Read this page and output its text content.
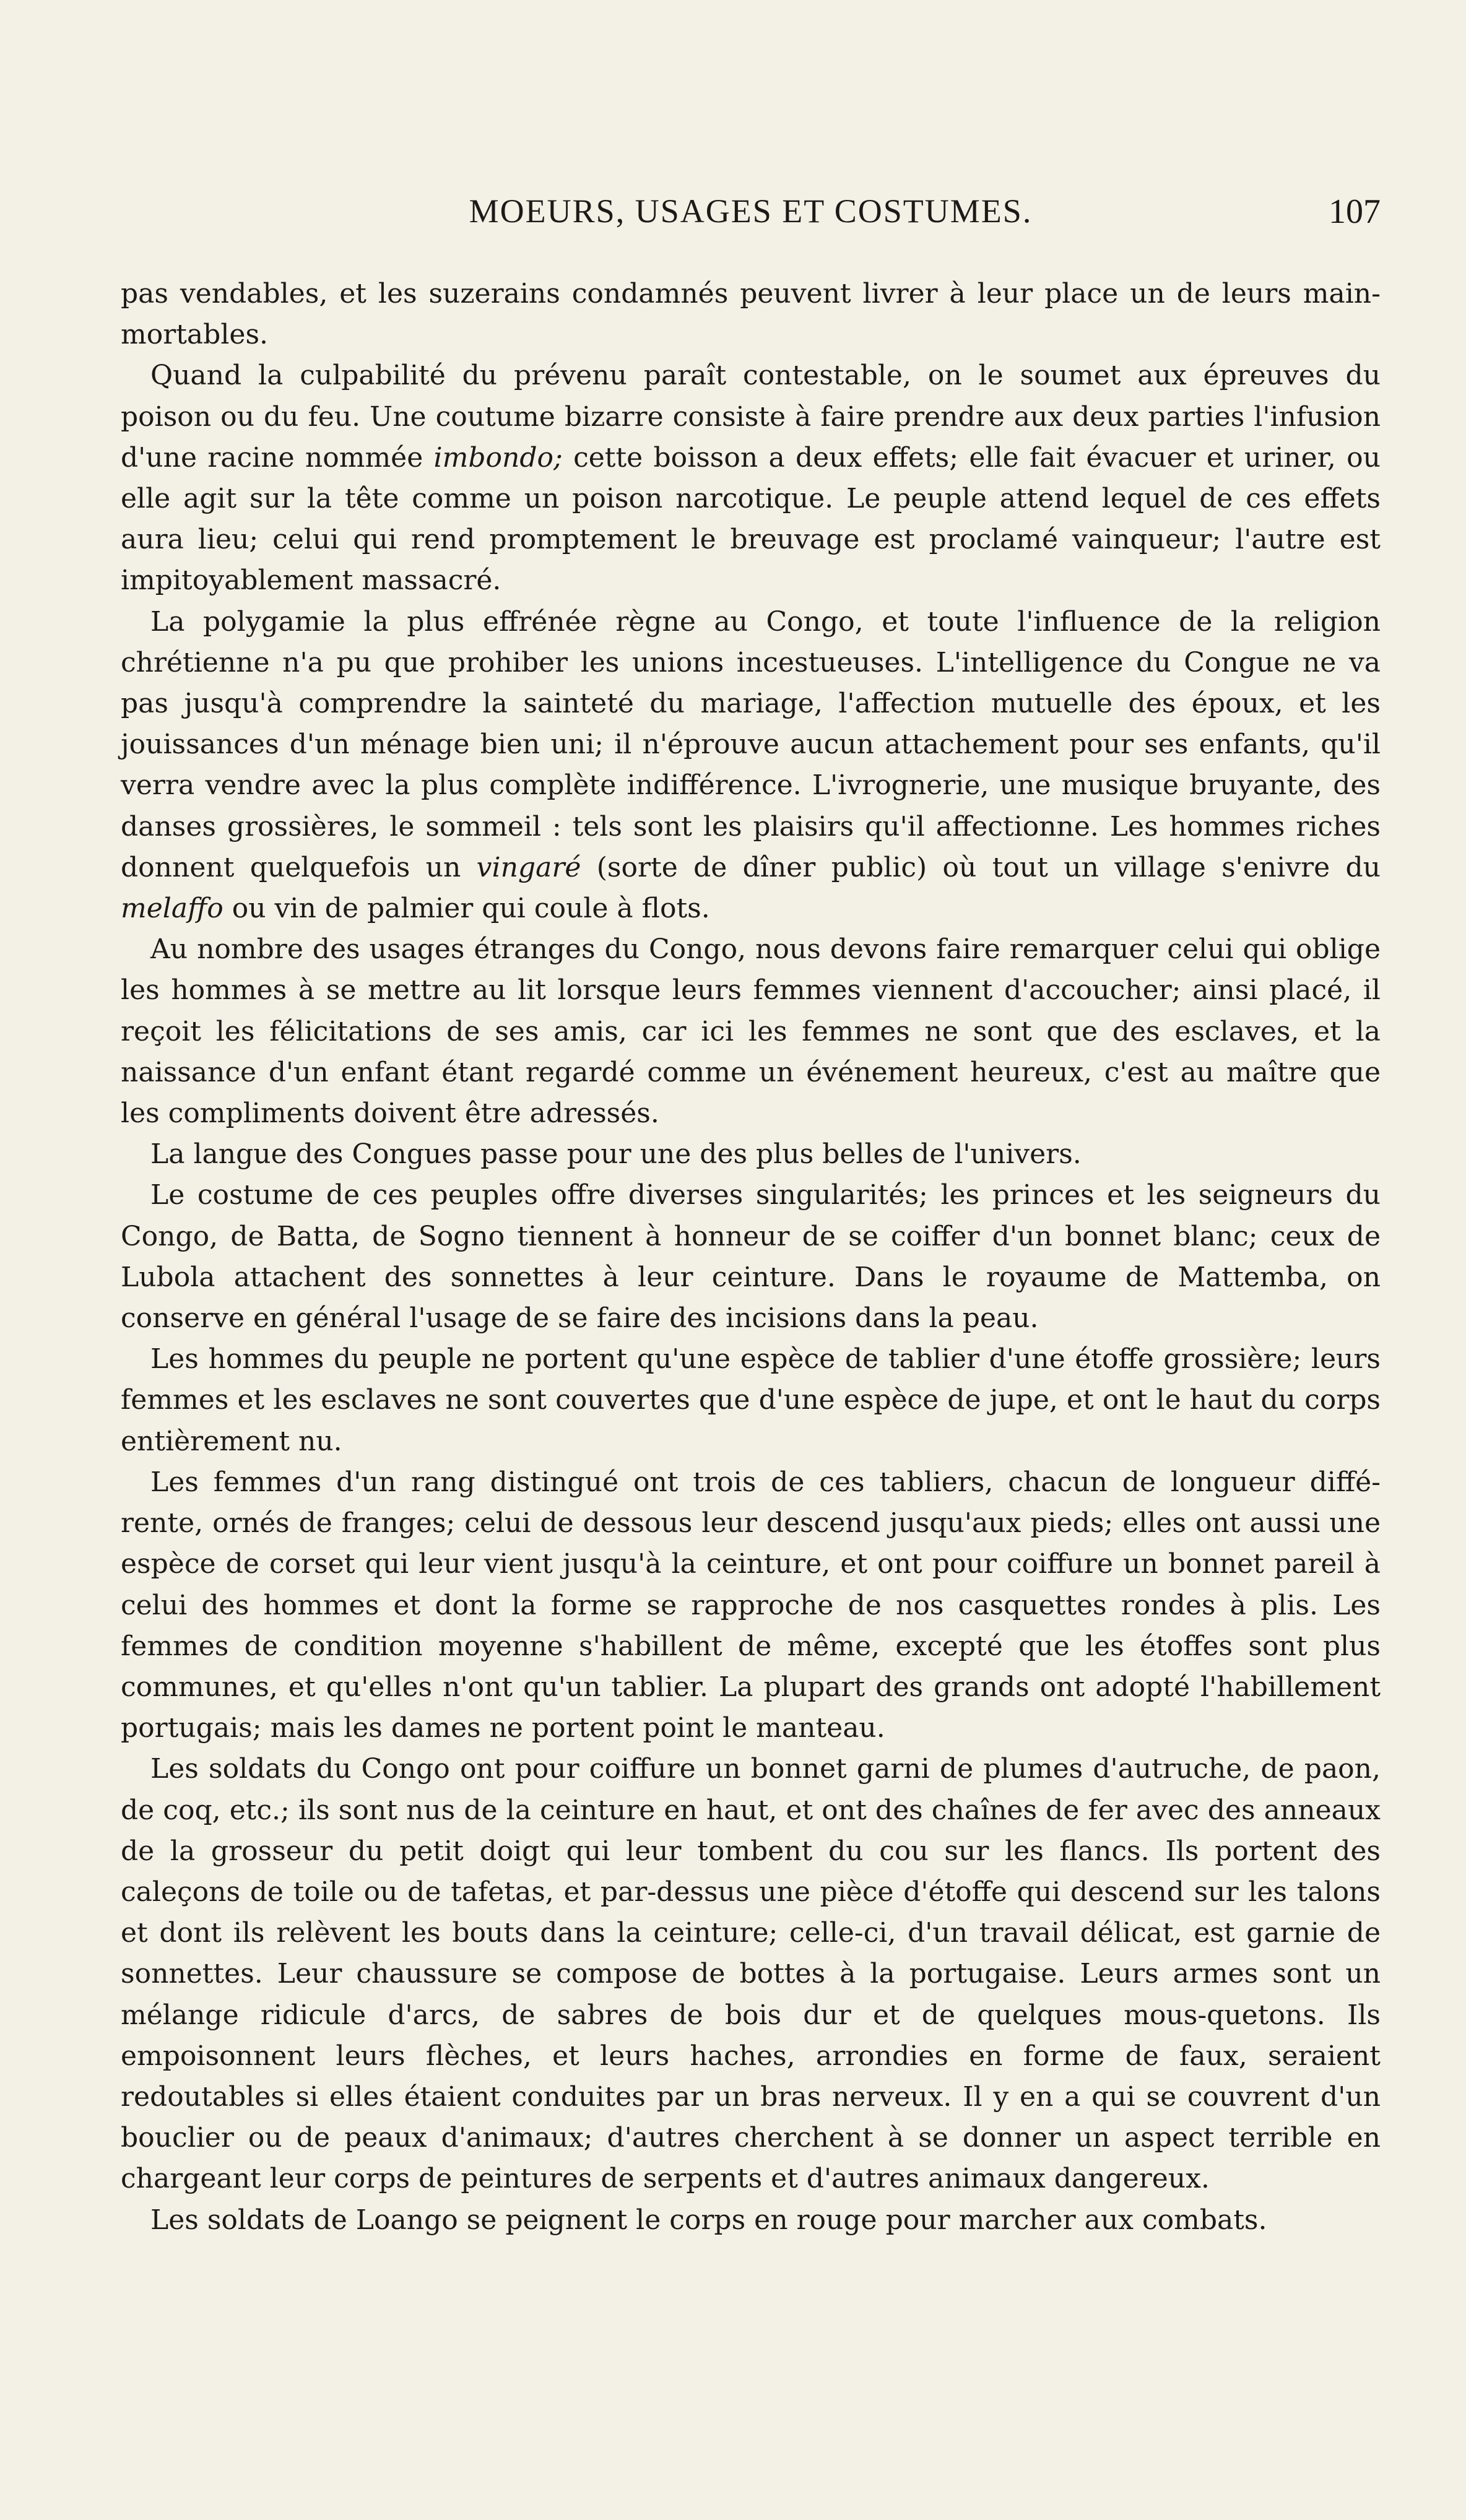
MOEURS, USAGES ET COSTUMES.	107

pas vendables, et les suzerains condamnés peuvent livrer à leur place un de leurs main-mortables.

Quand la culpabilité du prévenu paraît contestable, on le soumet aux épreuves du poison ou du feu. Une coutume bizarre consiste à faire prendre aux deux parties l'infusion d'une racine nommée imbondo; cette boisson a deux effets; elle fait évacuer et uriner, ou elle agit sur la tête comme un poison narcotique. Le peuple attend lequel de ces effets aura lieu; celui qui rend promptement le breuvage est proclamé vainqueur; l'autre est impitoyablement massacré.

La polygamie la plus effrénée règne au Congo, et toute l'influence de la religion chrétienne n'a pu que prohiber les unions incestueuses. L'intelligence du Congue ne va pas jusqu'à comprendre la sainteté du mariage, l'affection mutuelle des époux, et les jouissances d'un ménage bien uni; il n'éprouve aucun attachement pour ses enfants, qu'il verra vendre avec la plus complète indifférence. L'ivrognerie, une musique bruyante, des danses grossières, le sommeil : tels sont les plaisirs qu'il affectionne. Les hommes riches donnent quelquefois un vingaré (sorte de dîner public) où tout un village s'enivre du melaffo ou vin de palmier qui coule à flots.

Au nombre des usages étranges du Congo, nous devons faire remarquer celui qui oblige les hommes à se mettre au lit lorsque leurs femmes viennent d'accoucher; ainsi placé, il reçoit les félicitations de ses amis, car ici les femmes ne sont que des esclaves, et la naissance d'un enfant étant regardé comme un événement heureux, c'est au maître que les compliments doivent être adressés.

La langue des Congues passe pour une des plus belles de l'univers.

Le costume de ces peuples offre diverses singularités; les princes et les seigneurs du Congo, de Batta, de Sogno tiennent à honneur de se coiffer d'un bonnet blanc; ceux de Lubola attachent des sonnettes à leur ceinture. Dans le royaume de Mattemba, on conserve en général l'usage de se faire des incisions dans la peau.

Les hommes du peuple ne portent qu'une espèce de tablier d'une étoffe grossière; leurs femmes et les esclaves ne sont couvertes que d'une espèce de jupe, et ont le haut du corps entièrement nu.

Les femmes d'un rang distingué ont trois de ces tabliers, chacun de longueur diffé-rente, ornés de franges; celui de dessous leur descend jusqu'aux pieds; elles ont aussi une espèce de corset qui leur vient jusqu'à la ceinture, et ont pour coiffure un bonnet pareil à celui des hommes et dont la forme se rapproche de nos casquettes rondes à plis. Les femmes de condition moyenne s'habillent de même, excepté que les étoffes sont plus communes, et qu'elles n'ont qu'un tablier. La plupart des grands ont adopté l'habillement portugais; mais les dames ne portent point le manteau.

Les soldats du Congo ont pour coiffure un bonnet garni de plumes d'autruche, de paon, de coq, etc.; ils sont nus de la ceinture en haut, et ont des chaînes de fer avec des anneaux de la grosseur du petit doigt qui leur tombent du cou sur les flancs. Ils portent des caleçons de toile ou de tafetas, et par-dessus une pièce d'étoffe qui descend sur les talons et dont ils relèvent les bouts dans la ceinture; celle-ci, d'un travail délicat, est garnie de sonnettes. Leur chaussure se compose de bottes à la portugaise. Leurs armes sont un mélange ridicule d'arcs, de sabres de bois dur et de quelques mous-quetons. Ils empoisonnent leurs flèches, et leurs haches, arrondies en forme de faux, seraient redoutables si elles étaient conduites par un bras nerveux. Il y en a qui se couvrent d'un bouclier ou de peaux d'animaux; d'autres cherchent à se donner un aspect terrible en chargeant leur corps de peintures de serpents et d'autres animaux dangereux.

Les soldats de Loango se peignent le corps en rouge pour marcher aux combats.
